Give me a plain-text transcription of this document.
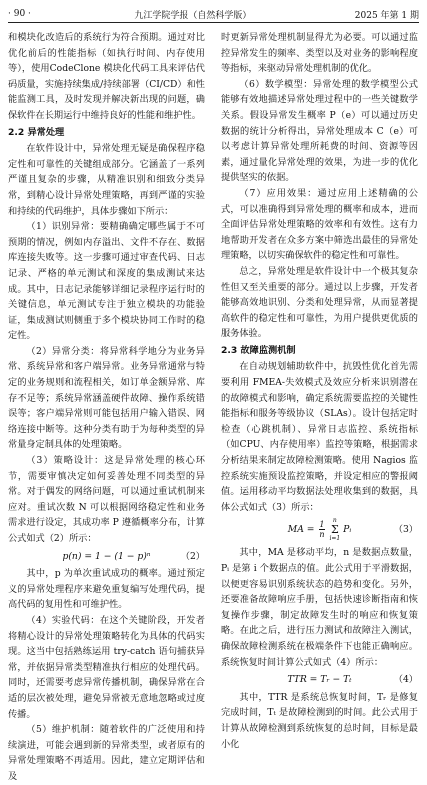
· 90 ·	九江学院学报（自然科学版）	2025 年第 1 期

和模块化改造后的系统行为符合预期。通过对比优化前后的性能指标（如执行时间、内存使用等），使用CodeClone 模块化代码工具来评估代码质量，实施持续集成/持续部署（CI/CD）和性能监测工具，及时发现并解决新出现的问题，确保软件在长期运行中维持良好的性能和维护性。

2.2 异常处理

在软件设计中，异常处理无疑是确保程序稳定性和可靠性的关键组成部分。它涵盖了一系列严谨且复杂的步骤，从精准识别和细致分类异常，到精心设计异常处理策略，再到严谨的实验和持续的代码维护，具体步骤如下所示：

（1）识别异常：要精确确定哪些属于不可预期的情况，例如内存溢出、文件不存在、数据库连接失败等。这一步骤可通过审查代码、日志记录、严格的单元测试和深度的集成测试来达成。其中，日志记录能够详细记录程序运行时的关键信息，单元测试专注于独立模块的功能验证，集成测试则侧重于多个模块协同工作时的稳定性。

（2）异常分类：将异常科学地分为业务异常、系统异常和客户端异常。业务异常通常与特定的业务规则和流程相关，如订单金额异常、库存不足等；系统异常涵盖硬件故障、操作系统错误等；客户端异常则可能包括用户输入错误、网络连接中断等。这种分类有助于为每种类型的异常量身定制具体的处理策略。

（3）策略设计：这是异常处理的核心环节，需要审慎决定如何妥善处理不同类型的异常。对于偶发的网络问题，可以通过重试机制来应对。重试次数 N 可以根据网络稳定性和业务需求进行设定，其成功率 P 遵循概率分布，计算公式如式（2）所示：

p(n) = 1 − (1 − p)ⁿ	（2）

其中，p 为单次重试成功的概率。通过预定义的异常处理程序来避免重复编写处理代码，提高代码的复用性和可维护性。

（4）实验代码：在这个关键阶段，开发者将精心设计的异常处理策略转化为具体的代码实现。这当中包括熟练运用 try-catch 语句捕获异常，并依据异常类型精准执行相应的处理代码。同时，还需要考虑异常传播机制，确保异常在合适的层次被处理，避免异常被无意地忽略或过度传播。

（5）维护机制：随着软件的广泛使用和持续演进，可能会遇到新的异常类型，或者原有的异常处理策略不再适用。因此，建立定期评估和及

时更新异常处理机制显得尤为必要。可以通过监控异常发生的频率、类型以及对业务的影响程度等指标，来驱动异常处理机制的优化。

（6）数学模型：异常处理的数学模型公式能够有效地描述异常处理过程中的一些关键数学关系。假设异常发生概率 P（e）可以通过历史数据的统计分析得出，异常处理成本 C（e）可以考虑计算异常处理所耗费的时间、资源等因素，通过量化异常处理的效果，为进一步的优化提供坚实的依据。

（7）应用效果：通过应用上述精确的公式，可以准确得到异常处理的概率和成本，进而全面评估异常处理策略的效率和有效性。这有力地帮助开发者在众多方案中筛选出最佳的异常处理策略，以切实确保软件的稳定性和可靠性。

总之，异常处理是软件设计中一个极其复杂性但又至关重要的部分。通过以上步骤，开发者能够高效地识别、分类和处理异常，从而显著提高软件的稳定性和可靠性，为用户提供更优质的服务体验。

2.3 故障监测机制

在自动规划辅助软件中，抗毁性优化首先需要利用 FMEA-失效模式及效应分析来识别潜在的故障模式和影响，确定系统需要监控的关键性能指标和服务等级协议（SLAs）。设计包括定时检查（心跳机制）、异常日志监控、系统指标（如CPU、内存使用率）监控等策略，根据需求分析结果来制定故障检测策略。使用 Nagios 监控系统实施预设监控策略，并设定相应的警报阈值。运用移动平均数据法处理收集到的数据，具体公式如式（3）所示：

MA = $\frac{1}{n}$
	n
Σ
i=1
Pᵢ	（3）

其中，MA 是移动平均，n 是数据点数量，Pᵢ 是第 i 个数据点的值。此公式用于平滑数据，以便更容易识别系统状态的趋势和变化。另外，还要准备故障响应手册，包括快速诊断指南和恢复操作步骤，制定故障发生时的响应和恢复策略。在此之后，进行压力测试和故障注入测试，确保故障检测系统在极端条件下也能正确响应。系统恢复时间计算公式如式（4）所示：

TTR = Tᵣ − Tₜ	（4）

其中，TTR 是系统总恢复时间，Tᵣ 是修复完成时间，Tₜ 是故障检测到的时间。此公式用于计算从故障检测到系统恢复的总时间，目标是最小化
